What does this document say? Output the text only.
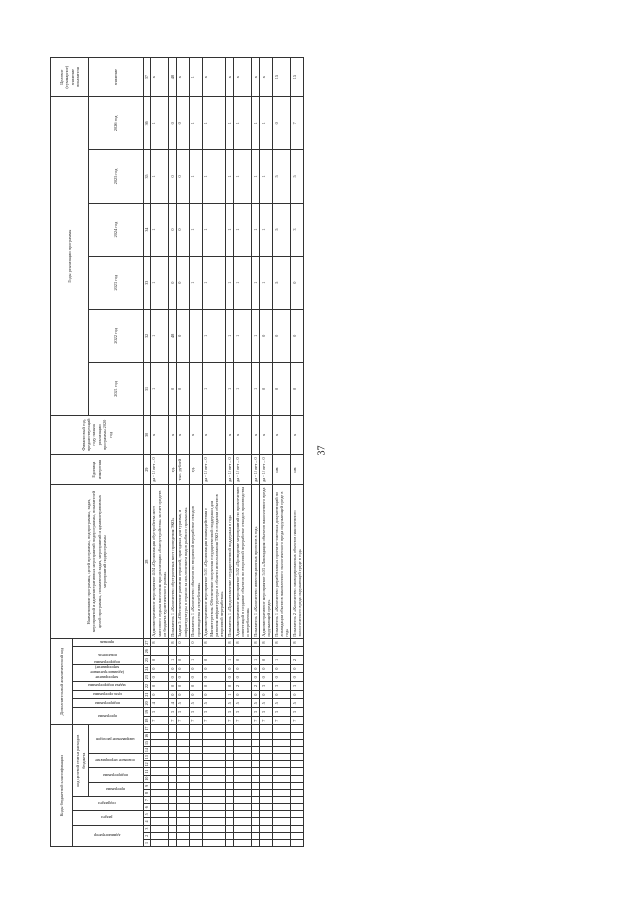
37
Коды бюджетной классификации																	Дополнительный аналитический код										Наименование программы, целей программы, подпрограммы, задач, мероприятий и административных мероприятий подпрограммы, показателей целей программы, показателей задач, мероприятий и административных мероприятий подпрограммы	Единица измерения	Финансовый год, предшествующий году начала реализации программы 2020 год	Годы реализации программы						Целевое (суммарное) значение показателя
администратор			раздел		подраздел		код целевой статьи расходов бюджета										программа		подпрограмма	цель программы	задача подпрограммы	мероприятие (административное мероприятие) подпрограммы		показатель		признак										
							программа		подпрограмма		основное мероприятие		направление расходов																	2021 год	2022 год	2023 год	2024 год	2025 год	2026 год	значение
1	2	3	4	5	6	7	8	9	10	11	12	13	14	15	16	17	18	19	20	21	22	23	24	25	26	27	28	29	30	31	32	33	34	35	36	37
																	7	3	4	0	0	0	0	0		8	Административное мероприятие 4.04 «Организация обустройства мест массового отдыха населения при реализации «благоустройства» за счет средств из бюджета туристического рынка»	да - 1/ нет – 0	х	1	1	1	1	1	1	х
																	7	3	4	0	0	0	0	1		8	Показатель 1 «Количество обустроенных мест проведения ЭКО»	ед.	х	0	48	0	0	0	0	48
																	7	3	5	0	0	0	0	0		0	Задача 5 «Обеспечение развития отраслей, пригодных для туризма, и инфраструктуры в отрасли за исключением видов рыбного промысла»	тыс. рублей	х	0	0	0	0	0	0	х
																	7	3	5	0	0	0	0	1		0	Показатель 1 «Количество объектов по вторичной переработке отходов производства и потребления»	ед.	х			1	1	1	1	1
																	7	3	5	0	0	0	0	0		8	Административное мероприятие 5.01 «Организация взаимодействия с Министерством. Обеспечение получения государственной поддержки для развития инфраструктуры в области использования ТКО в создании объектов вторичной переработки»	да - 1/ нет – 0	х	1	1	1	1	1	1	х
																	7	3	5	1	0	0	0	1		8	Показатель 1 «Предоставление государственной поддержки в год»	да - 1/ нет – 0	х	1	1	1	1	1	1	х
																	7	3	5	0	2	0	0	0		8	Административное мероприятие 5.02 «Проведение мероприятий по привлечению инвестиций в создание объектов по вторичной переработке отходов производства и потребления»	да - 1/ нет – 0	х	1	1	1	1	1	1	х
																	7	3	5	0	2	0	0	1		8	Показатель 1 «Количество инвестиционных проектов в год»	да - 1/ нет – 0	х	1	1	1	1	1	1	х
																	7	3	5	0	3	0	0	0		8	Административное мероприятие 5.03 «Ликвидация объектов накопленного вреда окружающей среде»	да - 1/ нет – 0	х	0	0	1	1	1	1	х
																	7	3	5	0	3	0	0	1		8	Показатель 1 «Количество разработанных проектно-сметных документаций по ликвидации объектов накопленного экологического вреда окружающей среде в год»	шт.	х	0	0	5	5	5	0	15
																	7	3	5	0	3	0	0	2		8	Показатель 2 «Количество ликвидированных объектов накопленного экологического вреда окружающей среде в год»	шт.	х	0	0	0	3	5	7	15
